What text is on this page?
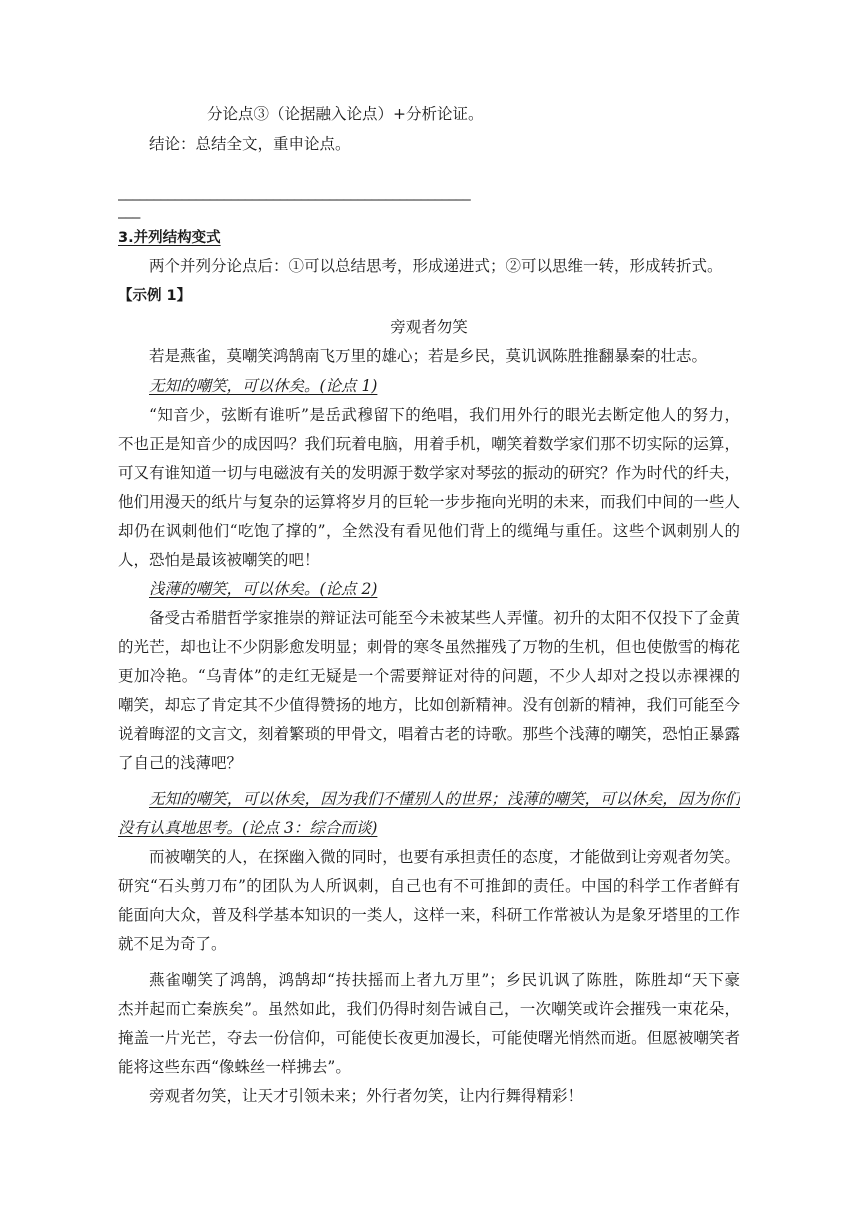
分论点③（论据融入论点）+分析论证。
结论：总结全文，重申论点。
——————————————————————————————————————————————————
———
3.并列结构变式
两个并列分论点后：①可以总结思考，形成递进式；②可以思维一转，形成转折式。
【示例 1】
旁观者勿笑
若是燕雀，莫嘲笑鸿鹄南飞万里的雄心；若是乡民，莫讥讽陈胜推翻暴秦的壮志。
无知的嘲笑，可以休矣。(论点 1)
“知音少，弦断有谁听”是岳武穆留下的绝唱，我们用外行的眼光去断定他人的努力，
不也正是知音少的成因吗？我们玩着电脑，用着手机，嘲笑着数学家们那不切实际的运算，
可又有谁知道一切与电磁波有关的发明源于数学家对琴弦的振动的研究？作为时代的纤夫，
他们用漫天的纸片与复杂的运算将岁月的巨轮一步步拖向光明的未来，而我们中间的一些人
却仍在讽刺他们“吃饱了撑的”，全然没有看见他们背上的缆绳与重任。这些个讽刺别人的
人，恐怕是最该被嘲笑的吧！
浅薄的嘲笑，可以休矣。(论点 2)
备受古希腊哲学家推崇的辩证法可能至今未被某些人弄懂。初升的太阳不仅投下了金黄
的光芒，却也让不少阴影愈发明显；刺骨的寒冬虽然摧残了万物的生机，但也使傲雪的梅花
更加冷艳。“乌青体”的走红无疑是一个需要辩证对待的问题，不少人却对之投以赤裸裸的
嘲笑，却忘了肯定其不少值得赞扬的地方，比如创新精神。没有创新的精神，我们可能至今
说着晦涩的文言文，刻着繁琐的甲骨文，唱着古老的诗歌。那些个浅薄的嘲笑，恐怕正暴露
了自己的浅薄吧？
无知的嘲笑，可以休矣，因为我们不懂别人的世界；浅薄的嘲笑，可以休矣，因为你们
没有认真地思考。(论点 3：综合而谈)
而被嘲笑的人，在探幽入微的同时，也要有承担责任的态度，才能做到让旁观者勿笑。
研究“石头剪刀布”的团队为人所讽刺，自己也有不可推卸的责任。中国的科学工作者鲜有
能面向大众，普及科学基本知识的一类人，这样一来，科研工作常被认为是象牙塔里的工作
就不足为奇了。
燕雀嘲笑了鸿鹄，鸿鹄却“抟扶摇而上者九万里”；乡民讥讽了陈胜，陈胜却“天下豪
杰并起而亡秦族矣”。虽然如此，我们仍得时刻告诫自己，一次嘲笑或许会摧残一束花朵，
掩盖一片光芒，夺去一份信仰，可能使长夜更加漫长，可能使曙光悄然而逝。但愿被嘲笑者
能将这些东西“像蛛丝一样拂去”。
旁观者勿笑，让天才引领未来；外行者勿笑，让内行舞得精彩！
